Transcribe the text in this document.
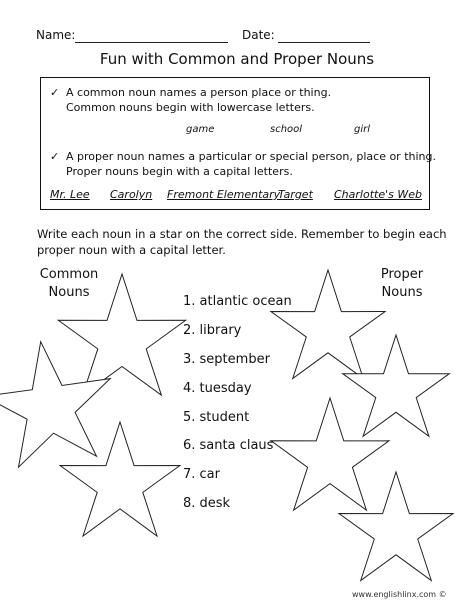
Name:	Date:
Fun with Common and Proper Nouns
✓ A common noun names a person place or thing.
Common nouns begin with lowercase letters.
game	school	girl
✓ A proper noun names a particular or special person, place or thing.
Proper nouns begin with a capital letters.
Mr. Lee Carolyn Fremont Elementary
Target Charlotte's Web
Write each noun in a star on the correct side. Remember to begin each
proper noun with a capital letter.
Common
Nouns
Proper
Nouns
1. atlantic ocean
2. library
3. september
4. tuesday
5. student
6. santa claus
7. car
8. desk
www.englishlinx.com ©
